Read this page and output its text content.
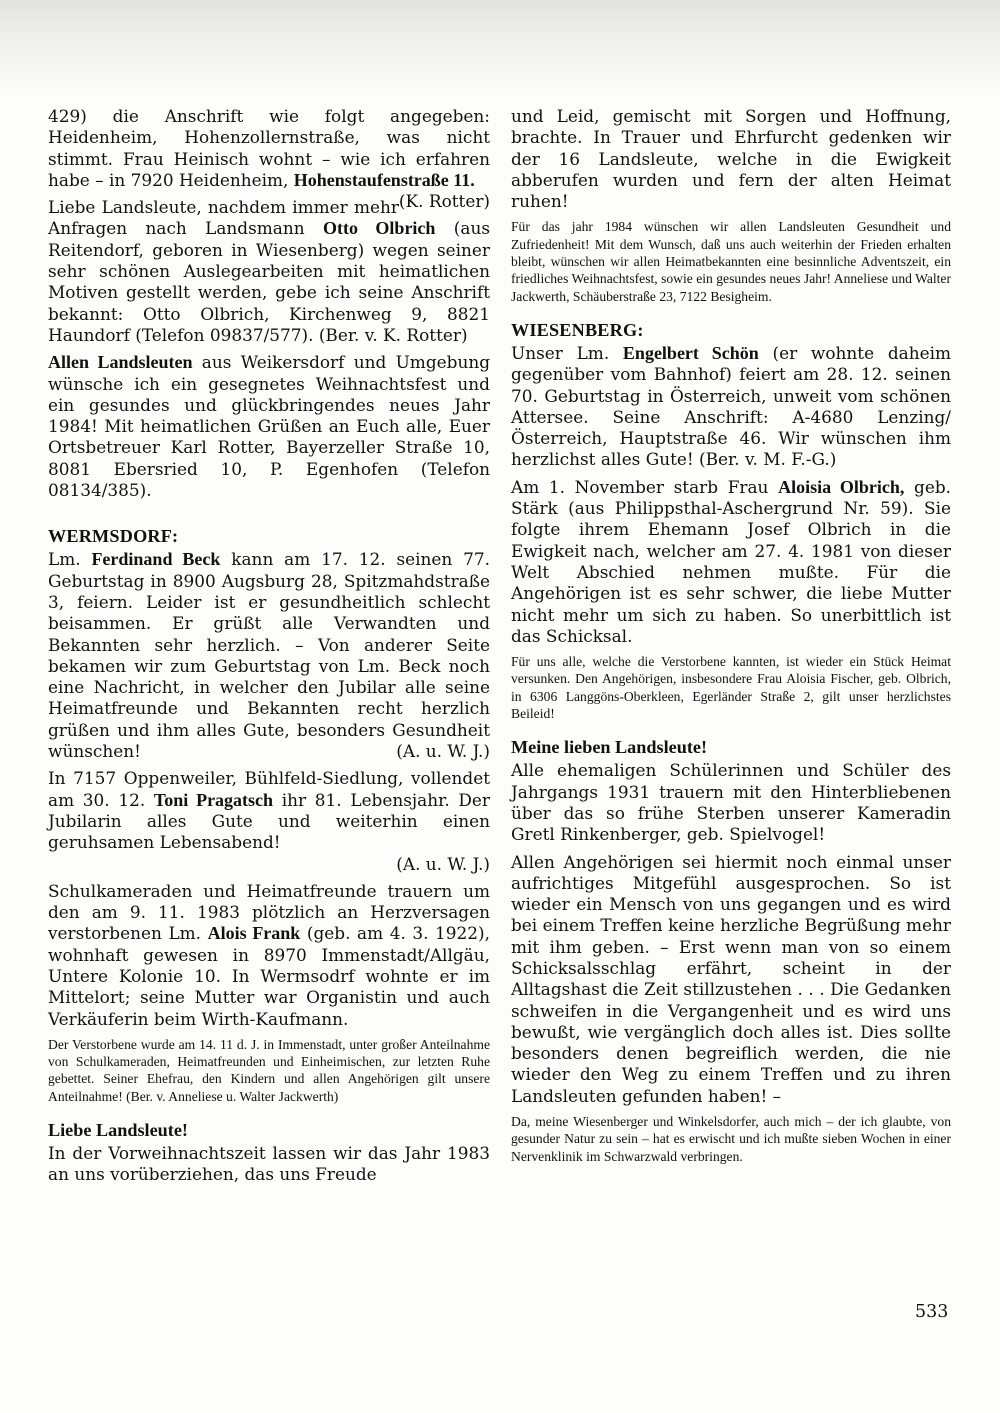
429) die Anschrift wie folgt angegeben: Heidenheim, Hohenzollernstraße, was nicht stimmt. Frau Heinisch wohnt – wie ich erfahren habe – in 7920 Heidenheim, Hohenstaufenstraße 11.
(K. Rotter)

Liebe Landsleute, nachdem immer mehr Anfragen nach Landsmann Otto Olbrich (aus Reitendorf, geboren in Wiesenberg) wegen seiner sehr schönen Auslegearbeiten mit heimatlichen Motiven gestellt werden, gebe ich seine Anschrift bekannt: Otto Olbrich, Kirchenweg 9, 8821 Haundorf (Telefon 09837/577). (Ber. v. K. Rotter)

Allen Landsleuten aus Weikersdorf und Umgebung wünsche ich ein gesegnetes Weihnachtsfest und ein gesundes und glückbringendes neues Jahr 1984! Mit heimatlichen Grüßen an Euch alle, Euer Ortsbetreuer Karl Rotter, Bayerzeller Straße 10, 8081 Ebersried 10, P. Egenhofen (Telefon 08134/385).

WERMSDORF:

Lm. Ferdinand Beck kann am 17. 12. seinen 77. Geburtstag in 8900 Augsburg 28, Spitzmahdstraße 3, feiern. Leider ist er gesundheitlich schlecht beisammen. Er grüßt alle Verwandten und Bekannten sehr herzlich. – Von anderer Seite bekamen wir zum Geburtstag von Lm. Beck noch eine Nachricht, in welcher den Jubilar alle seine Heimatfreunde und Bekannten recht herzlich grüßen und ihm alles Gute, besonders Gesundheit wünschen!	(A. u. W. J.)

In 7157 Oppenweiler, Bühlfeld-Siedlung, vollendet am 30. 12. Toni Pragatsch ihr 81. Lebensjahr. Der Jubilarin alles Gute und weiterhin einen geruhsamen Lebensabend!
(A. u. W. J.)

Schulkameraden und Heimatfreunde trauern um den am 9. 11. 1983 plötzlich an Herzversagen verstorbenen Lm. Alois Frank (geb. am 4. 3. 1922), wohnhaft gewesen in 8970 Immenstadt/Allgäu, Untere Kolonie 10. In Wermsodrf wohnte er im Mittelort; seine Mutter war Organistin und auch Verkäuferin beim Wirth-Kaufmann.

Der Verstorbene wurde am 14. 11 d. J. in Immenstadt, unter großer Anteilnahme von Schulkameraden, Heimatfreunden und Einheimischen, zur letzten Ruhe gebettet. Seiner Ehefrau, den Kindern und allen Angehörigen gilt unsere Anteilnahme! (Ber. v. Anneliese u. Walter Jackwerth)

Liebe Landsleute!

In der Vorweihnachtszeit lassen wir das Jahr 1983 an uns vorüberziehen, das uns Freude

und Leid, gemischt mit Sorgen und Hoffnung, brachte. In Trauer und Ehrfurcht gedenken wir der 16 Landsleute, welche in die Ewigkeit abberufen wurden und fern der alten Heimat ruhen!

Für das jahr 1984 wünschen wir allen Landsleuten Gesundheit und Zufriedenheit! Mit dem Wunsch, daß uns auch weiterhin der Frieden erhalten bleibt, wünschen wir allen Heimatbekannten eine besinnliche Adventszeit, ein friedliches Weihnachtsfest, sowie ein gesundes neues Jahr! Anneliese und Walter Jackwerth, Schäuberstraße 23, 7122 Besigheim.

WIESENBERG:

Unser Lm. Engelbert Schön (er wohnte daheim gegenüber vom Bahnhof) feiert am 28. 12. seinen 70. Geburtstag in Österreich, unweit vom schönen Attersee. Seine Anschrift: A-4680 Lenzing/Österreich, Hauptstraße 46. Wir wünschen ihm herzlichst alles Gute! (Ber. v. M. F.-G.)

Am 1. November starb Frau Aloisia Olbrich, geb. Stärk (aus Philippsthal-Aschergrund Nr. 59). Sie folgte ihrem Ehemann Josef Olbrich in die Ewigkeit nach, welcher am 27. 4. 1981 von dieser Welt Abschied nehmen mußte. Für die Angehörigen ist es sehr schwer, die liebe Mutter nicht mehr um sich zu haben. So unerbittlich ist das Schicksal.

Für uns alle, welche die Verstorbene kannten, ist wieder ein Stück Heimat versunken. Den Angehörigen, insbesondere Frau Aloisia Fischer, geb. Olbrich, in 6306 Langgöns-Oberkleen, Egerländer Straße 2, gilt unser herzlichstes Beileid!

Meine lieben Landsleute!

Alle ehemaligen Schülerinnen und Schüler des Jahrgangs 1931 trauern mit den Hinterbliebenen über das so frühe Sterben unserer Kameradin Gretl Rinkenberger, geb. Spielvogel!

Allen Angehörigen sei hiermit noch einmal unser aufrichtiges Mitgefühl ausgesprochen. So ist wieder ein Mensch von uns gegangen und es wird bei einem Treffen keine herzliche Begrüßung mehr mit ihm geben. – Erst wenn man von so einem Schicksalsschlag erfährt, scheint in der Alltagshast die Zeit stillzustehen . . . Die Gedanken schweifen in die Vergangenheit und es wird uns bewußt, wie vergänglich doch alles ist. Dies sollte besonders denen begreiflich werden, die nie wieder den Weg zu einem Treffen und zu ihren Landsleuten gefunden haben! –

Da, meine Wiesenberger und Winkelsdorfer, auch mich – der ich glaubte, von gesunder Natur zu sein – hat es erwischt und ich mußte sieben Wochen in einer Nervenklinik im Schwarzwald verbringen.

533
